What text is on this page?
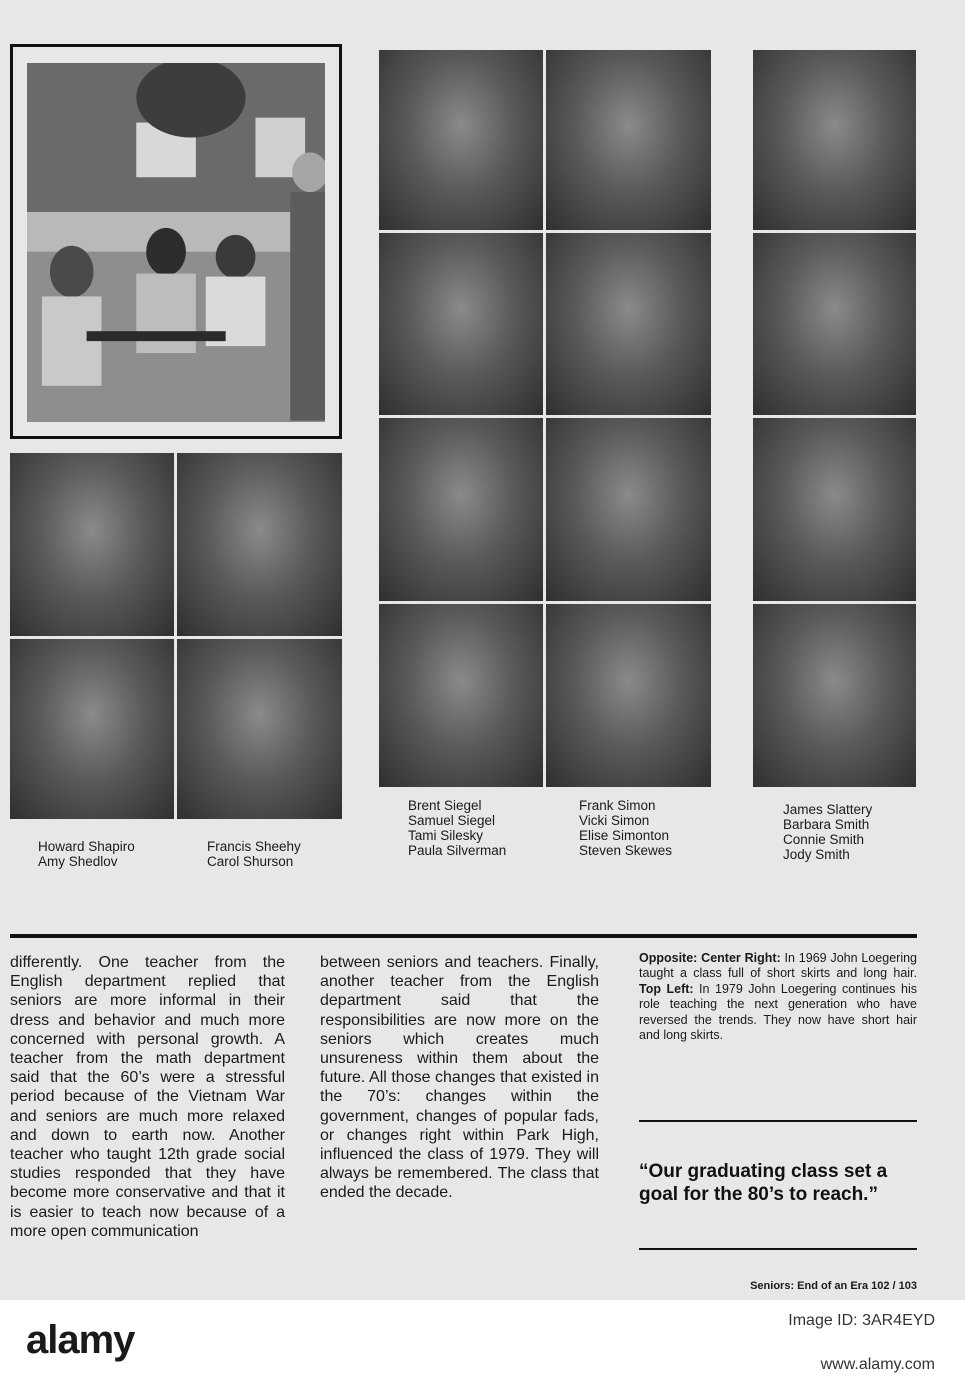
Howard Shapiro
Amy Shedlov
Francis Sheehy
Carol Shurson
Brent Siegel
Samuel Siegel
Tami Silesky
Paula Silverman
Frank Simon
Vicki Simon
Elise Simonton
Steven Skewes
James Slattery
Barbara Smith
Connie Smith
Jody Smith
differently. One teacher from the English department replied that seniors are more informal in their dress and behavior and much more concerned with personal growth. A teacher from the math department said that the 60’s were a stressful period because of the Vietnam War and seniors are much more relaxed and down to earth now. Another teacher who taught 12th grade social studies responded that they have become more conservative and that it is easier to teach now because of a more open communication
between seniors and teachers. Finally, another teacher from the English department said that the responsibilities are now more on the seniors which creates much unsureness within them about the future. All those changes that existed in the 70’s: changes within the government, changes of popular fads, or changes right within Park High, influenced the class of 1979. They will always be remembered. The class that ended the decade.
Opposite: Center Right: In 1969 John Loegering taught a class full of short skirts and long hair. Top Left: In 1979 John Loegering continues his role teaching the next generation who have reversed the trends. They now have short hair and long skirts.
“Our graduating class set a goal for the 80’s to reach.”
Seniors: End of an Era 102 / 103
alamy	Image ID: 3AR4EYD
www.alamy.com
